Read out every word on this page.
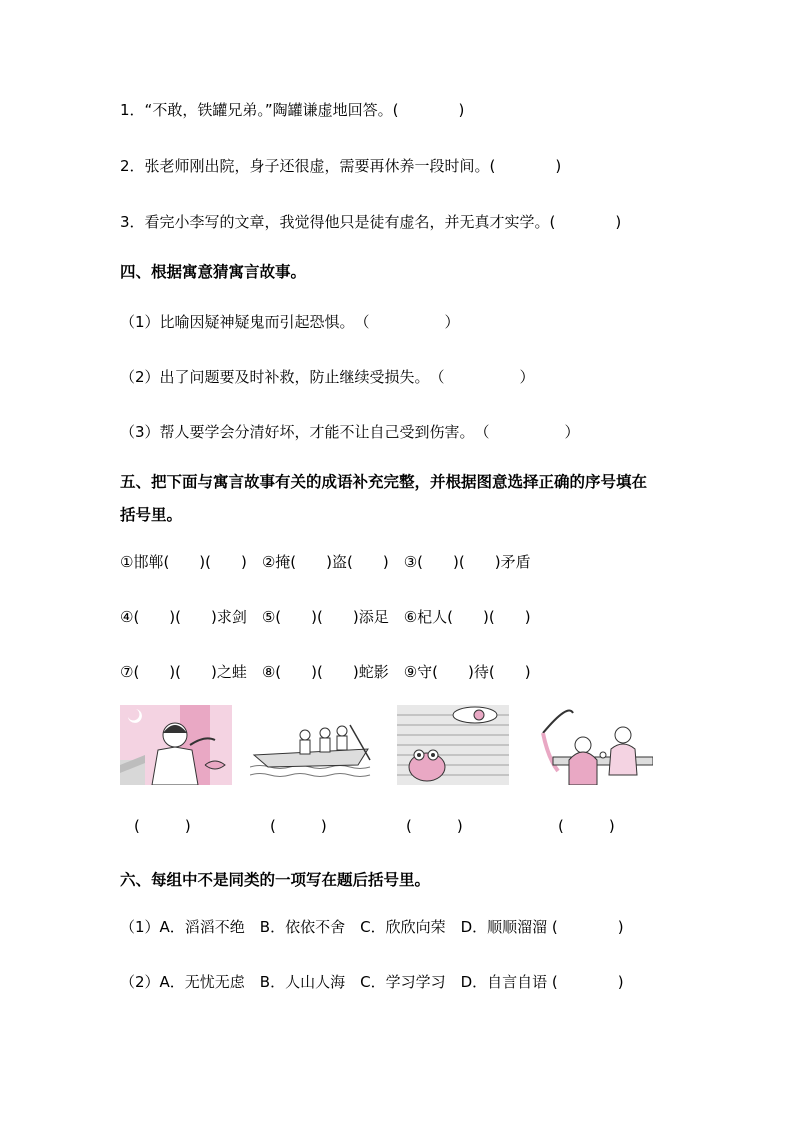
1．“不敢，铁罐兄弟。”陶罐谦虚地回答。(　　　　)
2．张老师刚出院，身子还很虚，需要再休养一段时间。(　　　　)
3．看完小李写的文章，我觉得他只是徒有虚名，并无真才实学。(　　　　)
四、根据寓意猜寓言故事。
（1）比喻因疑神疑鬼而引起恐惧。　（　　　　　）
（2）出了问题要及时补救，防止继续受损失。　（　　　　　）
（3）帮人要学会分清好坏，才能不让自己受到伤害。　（　　　　　）
五、把下面与寓言故事有关的成语补充完整，并根据图意选择正确的序号填在
括号里。
①邯郸(　　)(　　)　②掩(　　)盗(　　)　③(　　)(　　)矛盾
④(　　)(　　)求剑　⑤(　　)(　　)添足　⑥杞人(　　)(　　)
⑦(　　)(　　)之蛙　⑧(　　)(　　)蛇影　⑨守(　　)待(　　)
(　　　)	(　　　)	(　　　)	(　　　)
六、每组中不是同类的一项写在题后括号里。
（1）A．滔滔不绝　B．依依不舍　C．欣欣向荣　D．顺顺溜溜 (　　　　)
（2）A．无忧无虑　B．人山人海　C．学习学习　D．自言自语 (　　　　)
